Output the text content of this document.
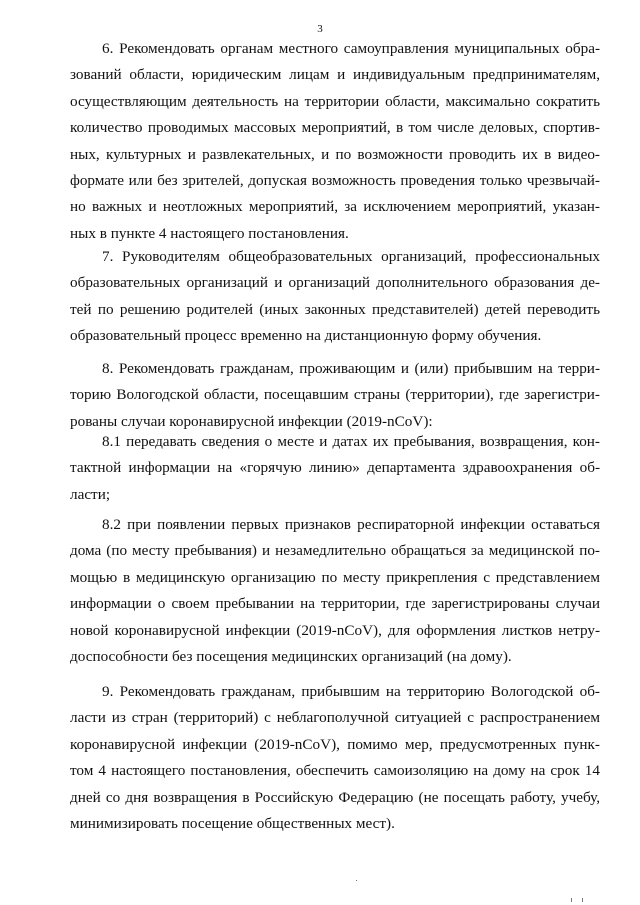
3
6. Рекомендовать органам местного самоуправления муниципальных обра-
зований области, юридическим лицам и индивидуальным предпринимателям,
осуществляющим деятельность на территории области, максимально сократить
количество проводимых массовых мероприятий, в том числе деловых, спортив-
ных, культурных и развлекательных, и по возможности проводить их в видео-
формате или без зрителей, допуская возможность проведения только чрезвычай-
но важных и неотложных мероприятий, за исключением мероприятий, указан-
ных в пункте 4 настоящего постановления.
7. Руководителям общеобразовательных организаций, профессиональных
образовательных организаций и организаций дополнительного образования де-
тей по решению родителей (иных законных представителей) детей переводить
образовательный процесс временно на дистанционную форму обучения.
8. Рекомендовать гражданам, проживающим и (или) прибывшим на терри-
торию Вологодской области, посещавшим страны (территории), где зарегистри-
рованы случаи коронавирусной инфекции (2019-nCoV):
8.1 передавать сведения о месте и датах их пребывания, возвращения, кон-
тактной информации на «горячую линию» департамента здравоохранения об-
ласти;
8.2 при появлении первых признаков респираторной инфекции оставаться
дома (по месту пребывания) и незамедлительно обращаться за медицинской по-
мощью в медицинскую организацию по месту прикрепления с представлением
информации о своем пребывании на территории, где зарегистрированы случаи
новой коронавирусной инфекции (2019-nCoV), для оформления листков нетру-
доспособности без посещения медицинских организаций (на дому).
9. Рекомендовать гражданам, прибывшим на территорию Вологодской об-
ласти из стран (территорий) с неблагополучной ситуацией с распространением
коронавирусной инфекции (2019-nCoV), помимо мер, предусмотренных пунк-
том 4 настоящего постановления, обеспечить самоизоляцию на дому на срок 14
дней со дня возвращения в Российскую Федерацию (не посещать работу, учебу,
минимизировать посещение общественных мест).
